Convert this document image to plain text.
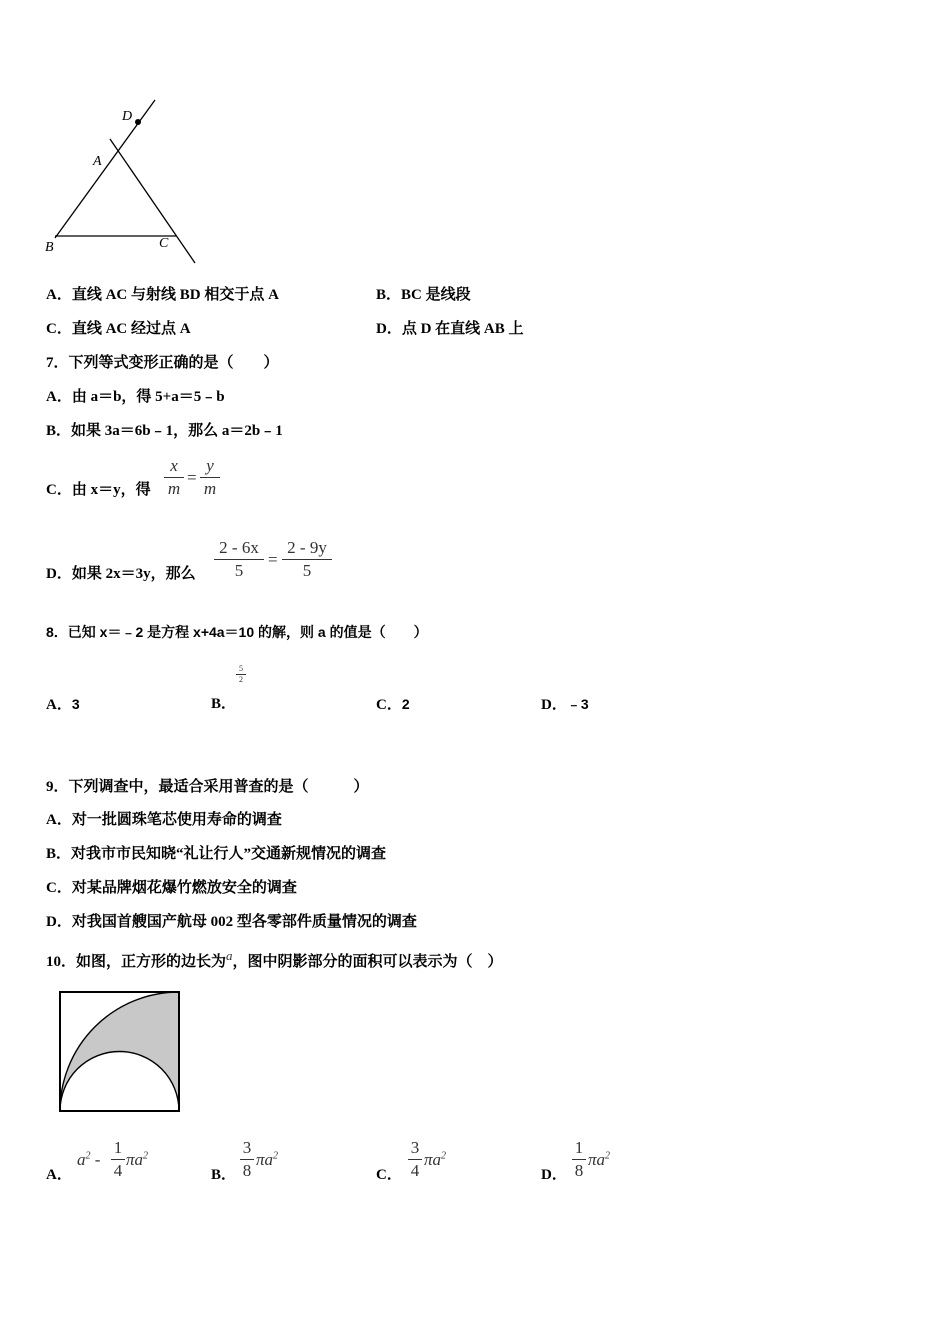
D
A
B	C
A．直线 AC 与射线 BD 相交于点 A	B．BC 是线段
C．直线 AC 经过点 A	D．点 D 在直线 AB 上
7．下列等式变形正确的是（　　）
A．由 a＝b，得 5+a＝5﹣b
B．如果 3a＝6b﹣1，那么 a＝2b﹣1
C．由 x＝y，得
x
m
=
y
m
D．如果 2x＝3y，那么
2 - 6x
5
=
2 - 9y
5
8．已知 x＝﹣2 是方程 x+4a＝10 的解，则 a 的值是（　　）
A．3	B．
5
2
C．2	D．﹣3
9．下列调查中，最适合采用普查的是（　　　）
A．对一批圆珠笔芯使用寿命的调查
B．对我市市民知晓“礼让行人”交通新规情况的调查
C．对某品牌烟花爆竹燃放安全的调查
D．对我国首艘国产航母 002 型各零部件质量情况的调查
10．如图，正方形的边长为a，图中阴影部分的面积可以表示为（　）
A．
$a^2$ -
1
4
$\pi a^2$
B．
3
8
$\pi a^2$
C．
3
4
$\pi a^2$
D．
1
8
$\pi a^2$
